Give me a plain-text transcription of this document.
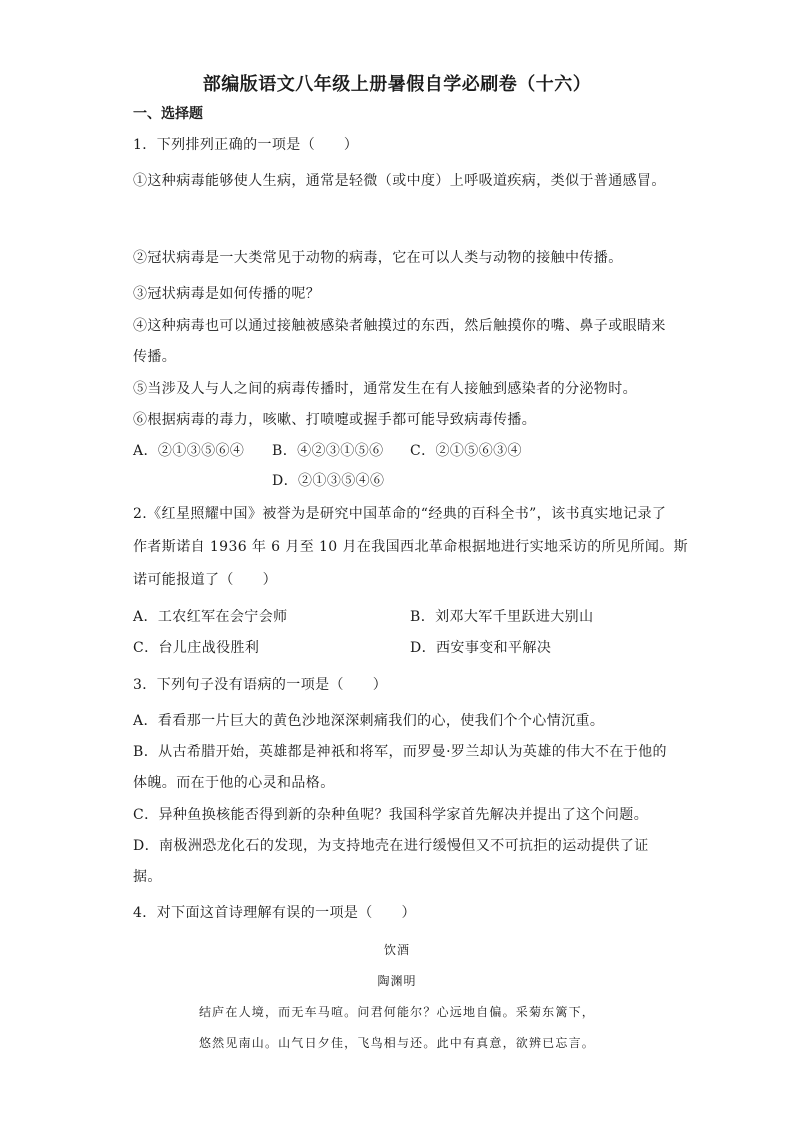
部编版语文八年级上册暑假自学必刷卷（十六）
一、选择题
1．下列排列正确的一项是（　　）
①这种病毒能够使人生病，通常是轻微（或中度）上呼吸道疾病，类似于普通感冒。
②冠状病毒是一大类常见于动物的病毒，它在可以人类与动物的接触中传播。
③冠状病毒是如何传播的呢？
④这种病毒也可以通过接触被感染者触摸过的东西，然后触摸你的嘴、鼻子或眼睛来
传播。
⑤当涉及人与人之间的病毒传播时，通常发生在有人接触到感染者的分泌物时。
⑥根据病毒的毒力，咳嗽、打喷嚏或握手都可能导致病毒传播。
A．②①③⑤⑥④ B．④②③①⑤⑥ C．②①⑤⑥③④
D．②①③⑤④⑥
2.《红星照耀中国》被誉为是研究中国革命的“经典的百科全书”，该书真实地记录了
作者斯诺自 1936 年 6 月至 10 月在我国西北革命根据地进行实地采访的所见所闻。斯
诺可能报道了（　　）
A．工农红军在会宁会师	B．刘邓大军千里跃进大别山
C．台儿庄战役胜利	D．西安事变和平解决
3．下列句子没有语病的一项是（　　）
A．看看那一片巨大的黄色沙地深深刺痛我们的心，使我们个个心情沉重。
B．从古希腊开始，英雄都是神祇和将军，而罗曼·罗兰却认为英雄的伟大不在于他的
体魄。而在于他的心灵和品格。
C．异种鱼换核能否得到新的杂种鱼呢？我国科学家首先解决并提出了这个问题。
D．南极洲恐龙化石的发现，为支持地壳在进行缓慢但又不可抗拒的运动提供了证
据。
4．对下面这首诗理解有误的一项是（　　）
饮酒
陶渊明
结庐在人境，而无车马喧。问君何能尔？心远地自偏。采菊东篱下，
悠然见南山。山气日夕佳，飞鸟相与还。此中有真意，欲辨已忘言。
